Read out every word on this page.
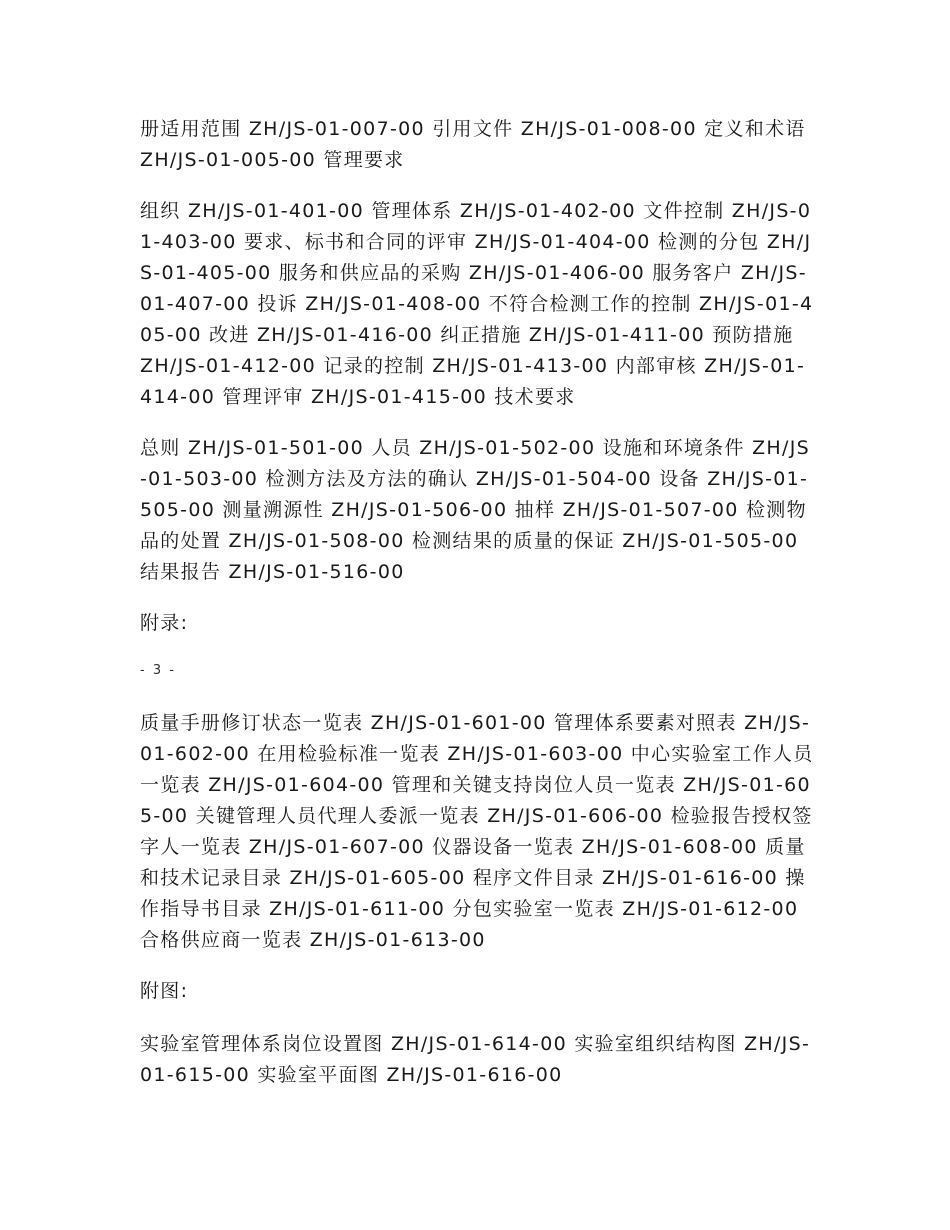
册适用范围 ZH/JS-01-007-00 引用文件 ZH/JS-01-008-00 定义和术语 ZH/JS-01-005-00 管理要求

组织 ZH/JS-01-401-00 管理体系 ZH/JS-01-402-00 文件控制 ZH/JS-01-403-00 要求、标书和合同的评审 ZH/JS-01-404-00 检测的分包 ZH/JS-01-405-00 服务和供应品的采购 ZH/JS-01-406-00 服务客户 ZH/JS-01-407-00 投诉 ZH/JS-01-408-00 不符合检测工作的控制 ZH/JS-01-405-00 改进 ZH/JS-01-416-00 纠正措施 ZH/JS-01-411-00 预防措施 ZH/JS-01-412-00 记录的控制 ZH/JS-01-413-00 内部审核 ZH/JS-01-414-00 管理评审 ZH/JS-01-415-00 技术要求

总则 ZH/JS-01-501-00 人员 ZH/JS-01-502-00 设施和环境条件 ZH/JS-01-503-00 检测方法及方法的确认 ZH/JS-01-504-00 设备 ZH/JS-01-505-00 测量溯源性 ZH/JS-01-506-00 抽样 ZH/JS-01-507-00 检测物品的处置 ZH/JS-01-508-00 检测结果的质量的保证 ZH/JS-01-505-00 结果报告 ZH/JS-01-516-00

附录:

- 3 -

质量手册修订状态一览表 ZH/JS-01-601-00 管理体系要素对照表 ZH/JS-01-602-00 在用检验标准一览表 ZH/JS-01-603-00 中心实验室工作人员一览表 ZH/JS-01-604-00 管理和关键支持岗位人员一览表 ZH/JS-01-605-00 关键管理人员代理人委派一览表 ZH/JS-01-606-00 检验报告授权签字人一览表 ZH/JS-01-607-00 仪器设备一览表 ZH/JS-01-608-00 质量和技术记录目录 ZH/JS-01-605-00 程序文件目录 ZH/JS-01-616-00 操作指导书目录 ZH/JS-01-611-00 分包实验室一览表 ZH/JS-01-612-00 合格供应商一览表 ZH/JS-01-613-00

附图:

实验室管理体系岗位设置图 ZH/JS-01-614-00 实验室组织结构图 ZH/JS-01-615-00 实验室平面图 ZH/JS-01-616-00
